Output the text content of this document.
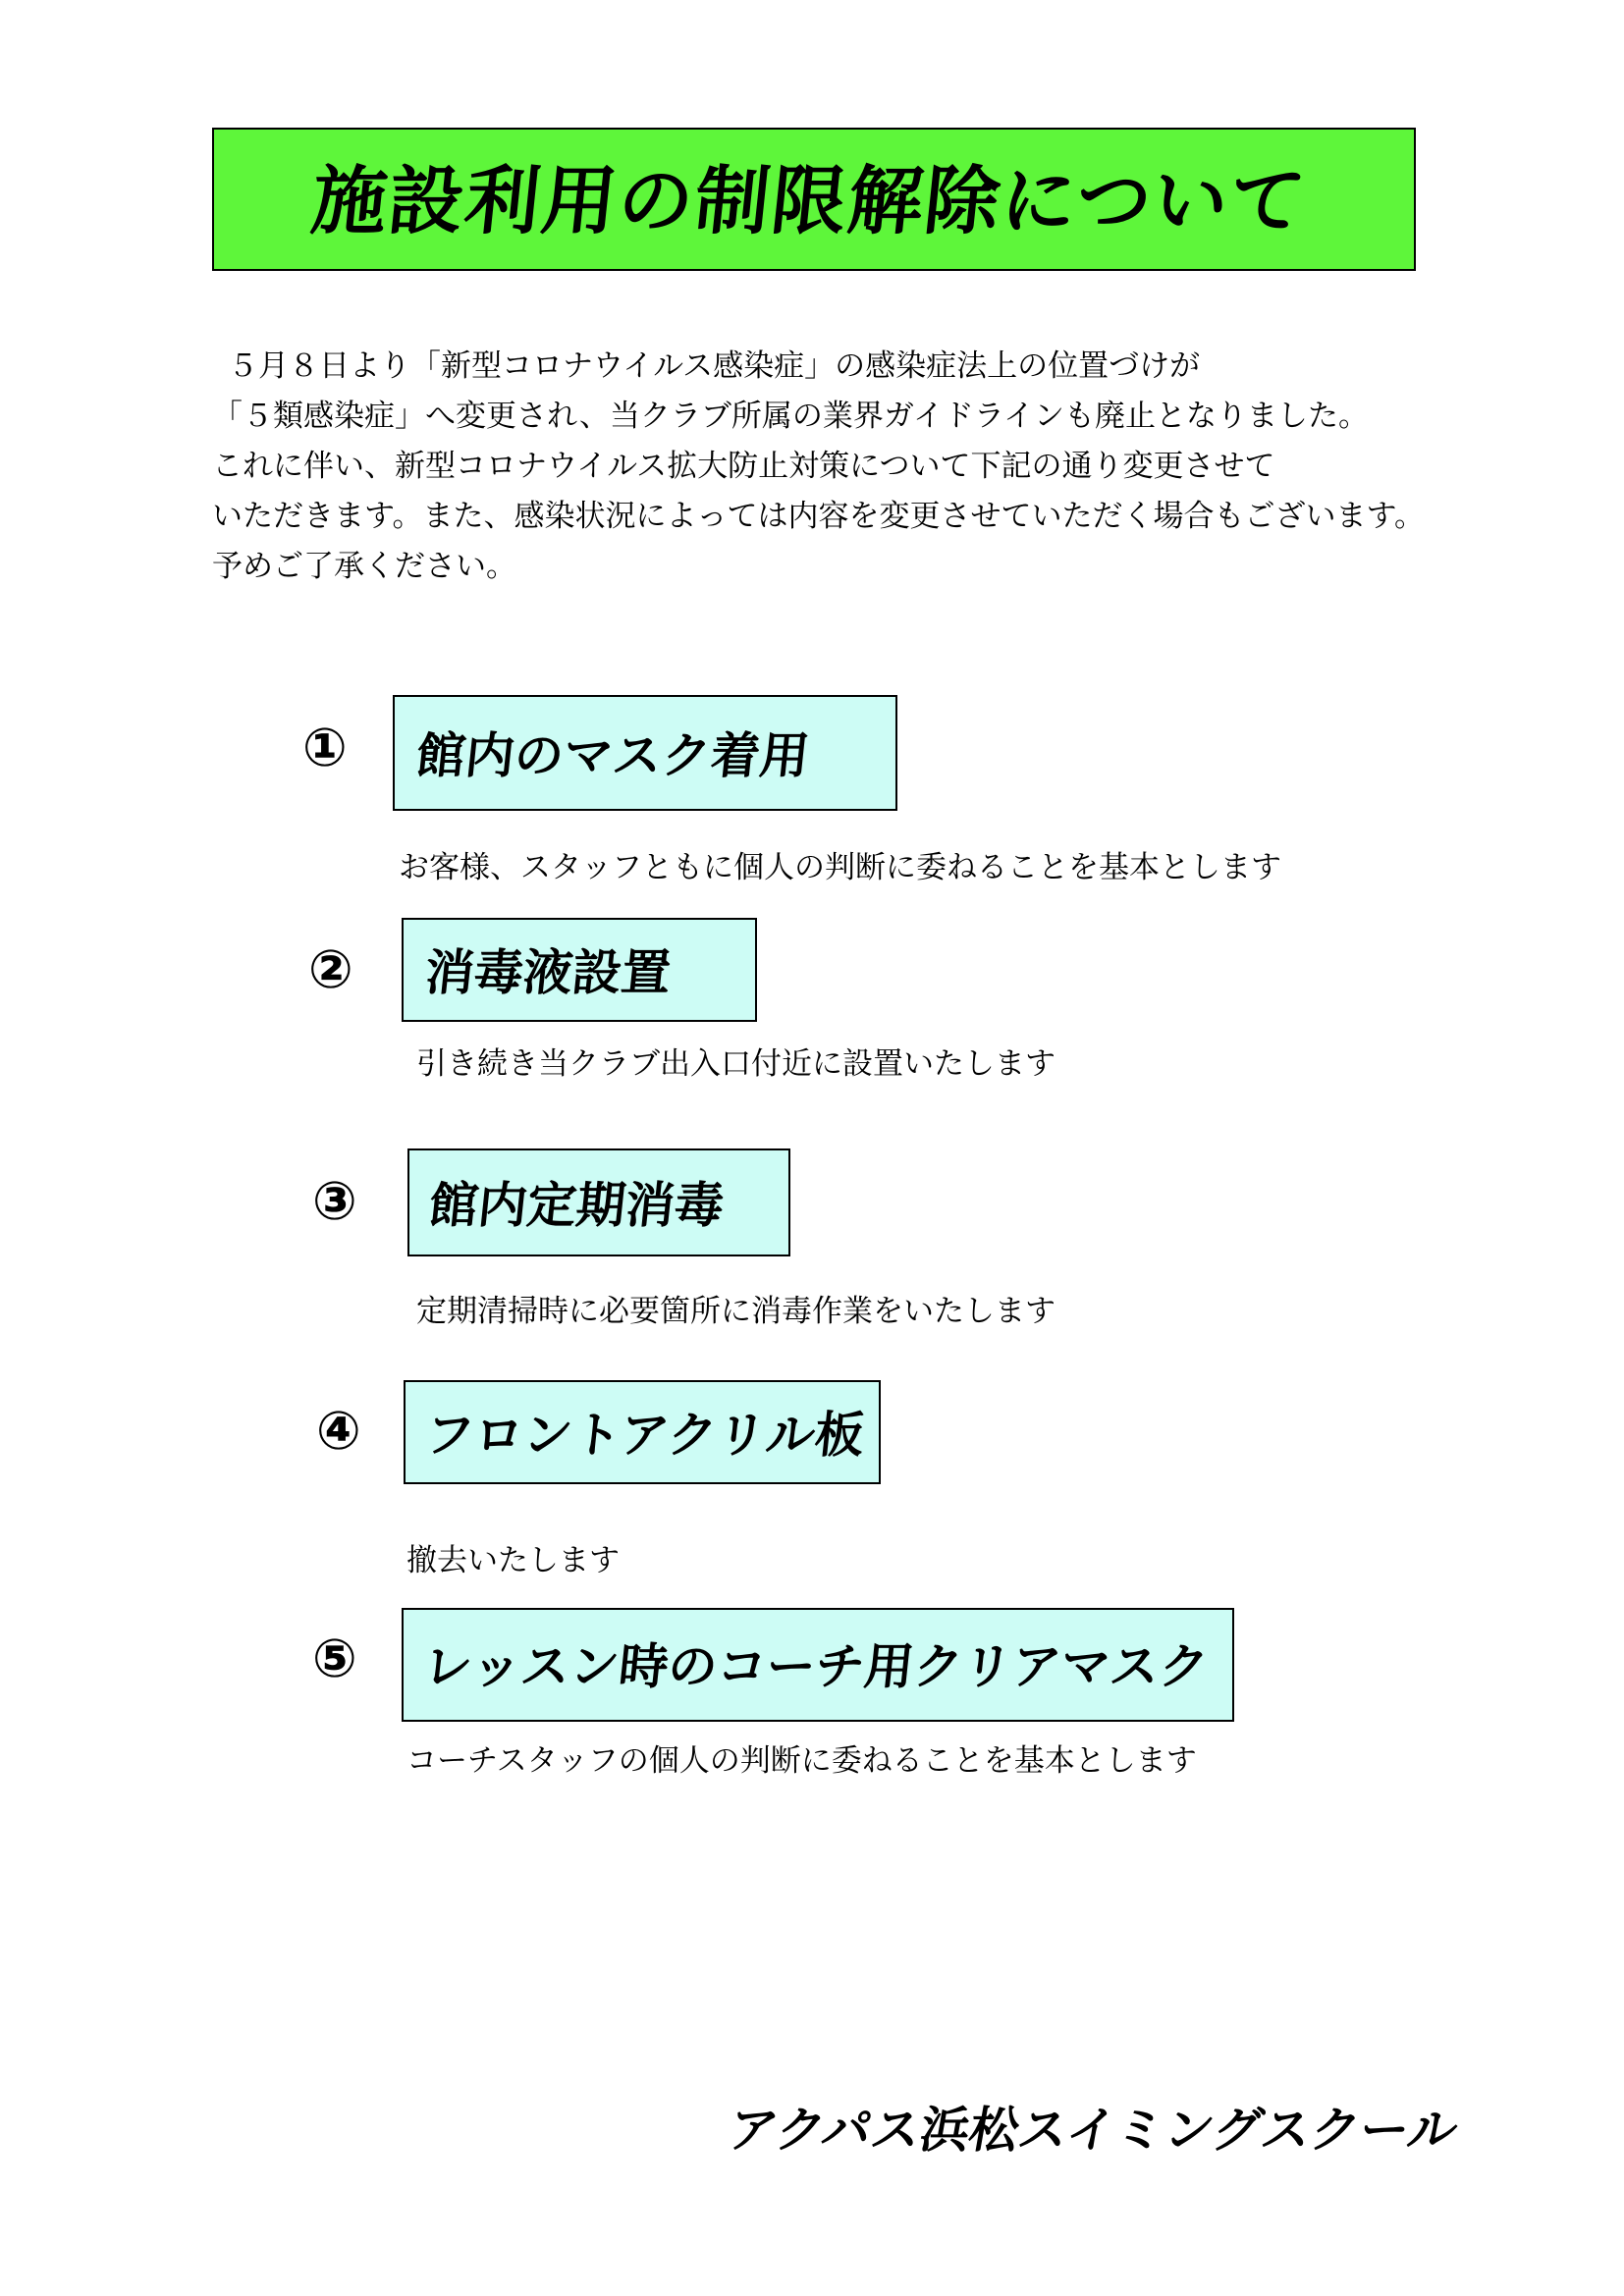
施設利用の制限解除について
５月８日より「新型コロナウイルス感染症」の感染症法上の位置づけが
「５類感染症」へ変更され、当クラブ所属の業界ガイドラインも廃止となりました。
これに伴い、新型コロナウイルス拡大防止対策について下記の通り変更させて
いただきます。また、感染状況によっては内容を変更させていただく場合もございます。
予めご了承ください。
① 館内のマスク着用
お客様、スタッフともに個人の判断に委ねることを基本とします
② 消毒液設置
引き続き当クラブ出入口付近に設置いたします
③ 館内定期消毒
定期清掃時に必要箇所に消毒作業をいたします
④ フロントアクリル板
撤去いたします
⑤ レッスン時のコーチ用クリアマスク
コーチスタッフの個人の判断に委ねることを基本とします
アクパス浜松スイミングスクール
